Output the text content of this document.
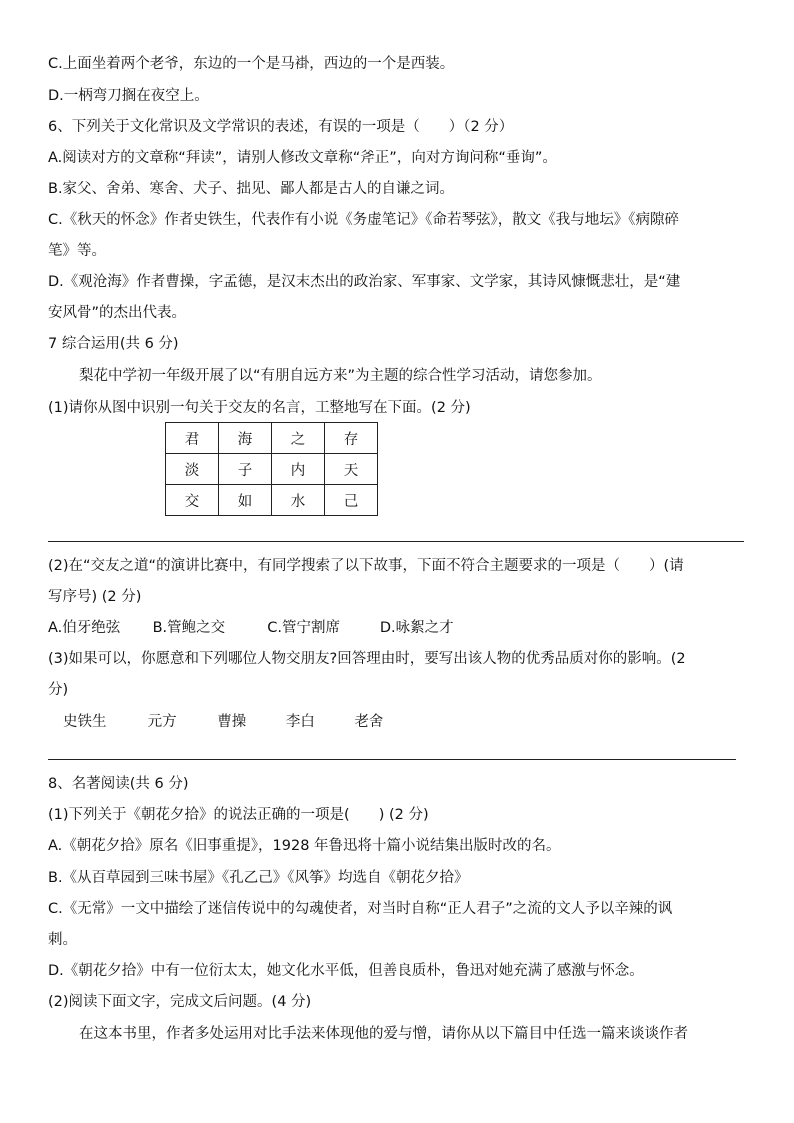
C.上面坐着两个老爷，东边的一个是马褂，西边的一个是西装。
D.一柄弯刀搁在夜空上。
6、下列关于文化常识及文学常识的表述，有误的一项是（　　）（2 分）
A.阅读对方的文章称“拜读”，请别人修改文章称“斧正”，向对方询问称“垂询”。
B.家父、舍弟、寒舍、犬子、拙见、鄙人都是古人的自谦之词。
C.《秋天的怀念》作者史铁生，代表作有小说《务虚笔记》《命若琴弦》，散文《我与地坛》《病隙碎
笔》等。
D.《观沧海》作者曹操，字孟德，是汉末杰出的政治家、军事家、文学家，其诗风慷慨悲壮，是“建
安风骨”的杰出代表。
7 综合运用(共 6 分)
梨花中学初一年级开展了以“有朋自远方来”为主题的综合性学习活动，请您参加。
(1)请你从图中识别一句关于交友的名言，工整地写在下面。(2 分)
君	海	之	存
淡	子	内	天
交	如	水	己
(2)在“交友之道“的演讲比赛中，有同学搜索了以下故事，下面不符合主题要求的一项是（　　）(请
写序号) (2 分)
A.伯牙绝弦 B.管鲍之交	C.管宁割席	D.咏絮之才
(3)如果可以，你愿意和下列哪位人物交朋友?回答理由时，要写出该人物的优秀品质对你的影响。(2
分)
史铁生	元方	曹操	李白	老舍
8、名著阅读(共 6 分)
(1)下列关于《朝花夕拾》的说法正确的一项是(　　) (2 分)
A.《朝花夕拾》原名《旧事重提》，1928 年鲁迅将十篇小说结集出版时改的名。
B.《从百草园到三味书屋》《孔乙己》《风筝》均选自《朝花夕拾》
C.《无常》一文中描绘了迷信传说中的勾魂使者，对当时自称“正人君子”之流的文人予以辛辣的讽
刺。
D.《朝花夕拾》中有一位衍太太，她文化水平低，但善良质朴，鲁迅对她充满了感激与怀念。
(2)阅读下面文字，完成文后问题。(4 分)
在这本书里，作者多处运用对比手法来体现他的爱与憎，请你从以下篇目中任选一篇来谈谈作者
